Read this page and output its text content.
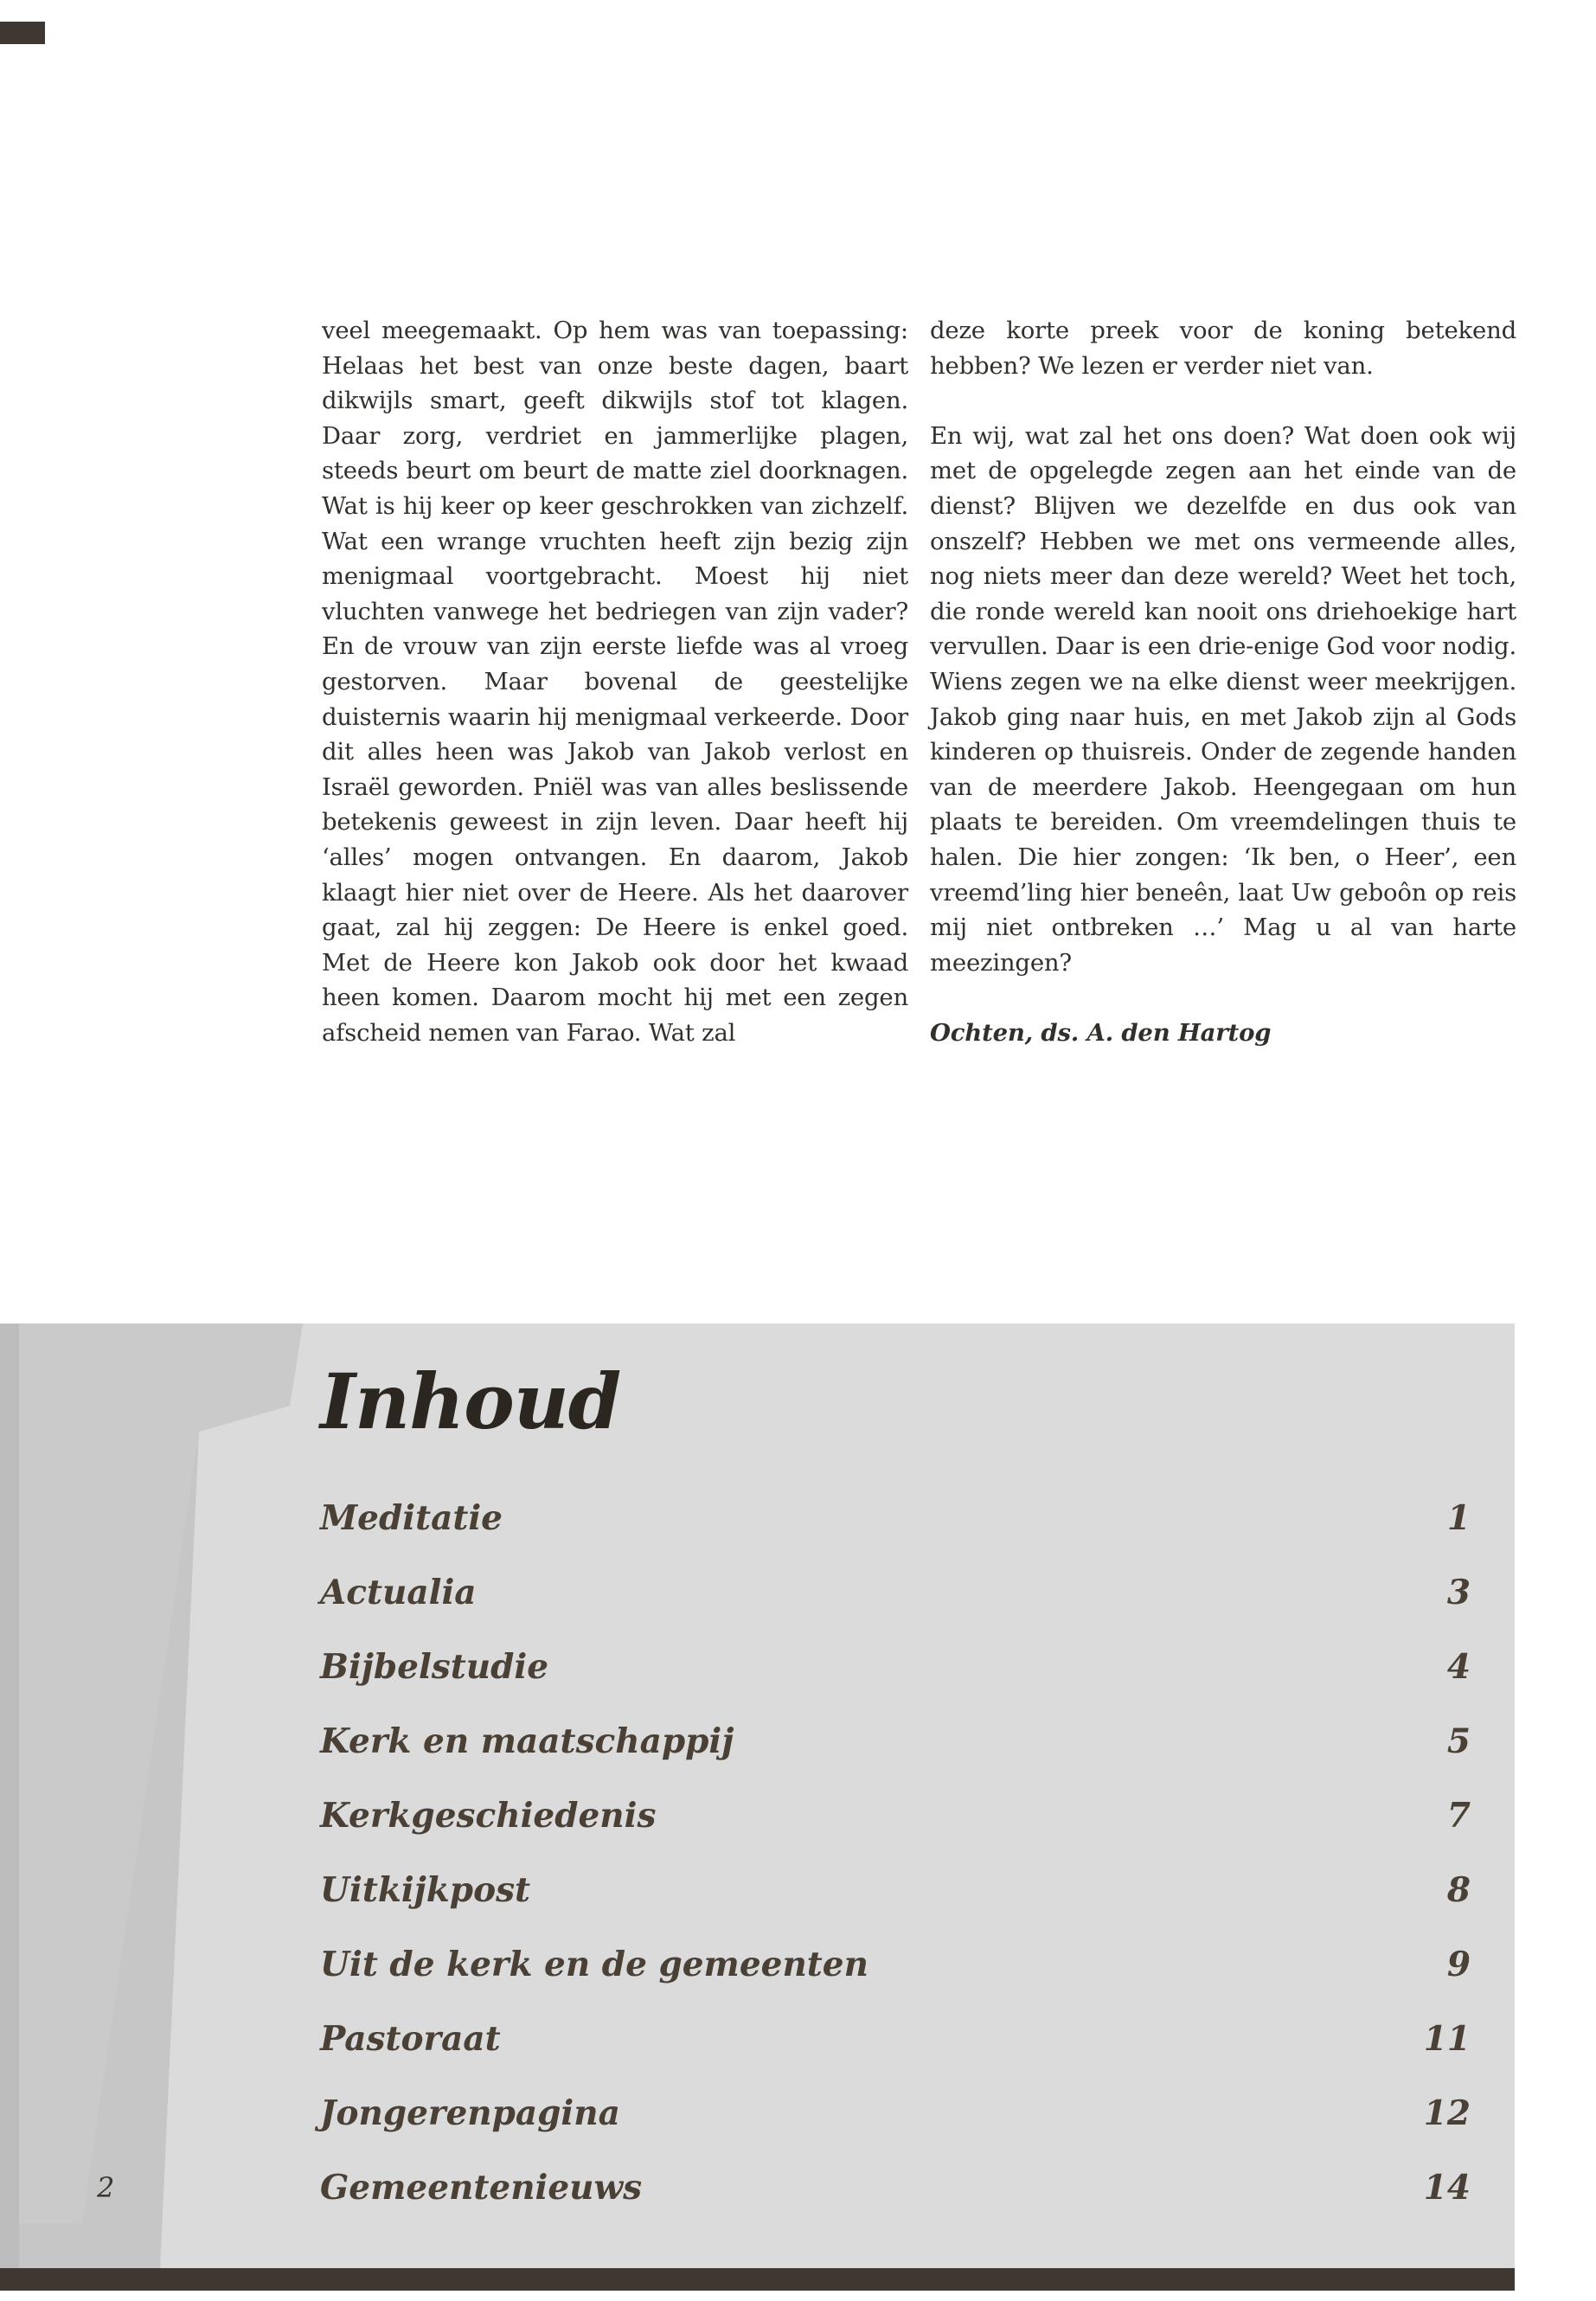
veel meegemaakt. Op hem was van toepassing: Helaas het best van onze beste dagen, baart dikwijls smart, geeft dikwijls stof tot klagen. Daar zorg, verdriet en jammerlijke plagen, steeds beurt om beurt de matte ziel doorknagen. Wat is hij keer op keer geschrokken van zichzelf. Wat een wrange vruchten heeft zijn bezig zijn menigmaal voortgebracht. Moest hij niet vluchten vanwege het bedriegen van zijn vader? En de vrouw van zijn eerste liefde was al vroeg gestorven. Maar bovenal de geestelijke duisternis waarin hij menigmaal verkeerde. Door dit alles heen was Jakob van Jakob verlost en Israël geworden. Pniël was van alles beslissende betekenis geweest in zijn leven. Daar heeft hij ‘alles’ mogen ontvangen. En daarom, Jakob klaagt hier niet over de Heere. Als het daarover gaat, zal hij zeggen: De Heere is enkel goed. Met de Heere kon Jakob ook door het kwaad heen komen. Daarom mocht hij met een zegen afscheid nemen van Farao. Wat zal

deze korte preek voor de koning betekend hebben? We lezen er verder niet van.

En wij, wat zal het ons doen? Wat doen ook wij met de opgelegde zegen aan het einde van de dienst? Blijven we dezelfde en dus ook van onszelf? Hebben we met ons vermeende alles, nog niets meer dan deze wereld? Weet het toch, die ronde wereld kan nooit ons driehoekige hart vervullen. Daar is een drie-enige God voor nodig. Wiens zegen we na elke dienst weer meekrijgen. Jakob ging naar huis, en met Jakob zijn al Gods kinderen op thuisreis. Onder de zegende handen van de meerdere Jakob. Heengegaan om hun plaats te bereiden. Om vreemdelingen thuis te halen. Die hier zongen: ‘Ik ben, o Heer’, een vreemd’ling hier beneên, laat Uw geboôn op reis mij niet ontbreken …’ Mag u al van harte meezingen?

Ochten, ds. A. den Hartog

Inhoud
Meditatie	1
Actualia	3
Bijbelstudie	4
Kerk en maatschappij	5
Kerkgeschiedenis	7
Uitkijkpost	8
Uit de kerk en de gemeenten	9
Pastoraat	11
Jongerenpagina	12
Gemeentenieuws	14
2
